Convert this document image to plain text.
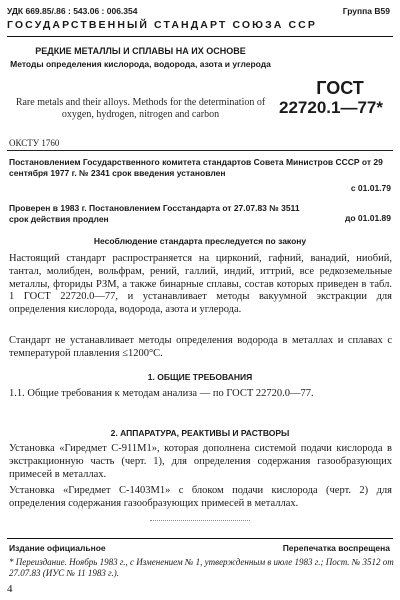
УДК 669.85/.86 : 543.06 : 006.354	Группа В59
ГОСУДАРСТВЕННЫЙ СТАНДАРТ СОЮЗА ССР
РЕДКИЕ МЕТАЛЛЫ И СПЛАВЫ НА ИХ ОСНОВЕ
Методы определения кислорода, водорода, азота и углерода
Rare metals and their alloys. Methods for the determination of oxygen, hydrogen, nitrogen and carbon
ГОСТ
22720.1—77*
ОКСТУ 1760
Постановлением Государственного комитета стандартов Совета Министров СССР от 29 сентября 1977 г. № 2341 срок введения установлен
с 01.01.79
Проверен в 1983 г. Постановлением Госстандарта от 27.07.83 № 3511 срок действия продлен	до 01.01.89
Несоблюдение стандарта преследуется по закону
Настоящий стандарт распространяется на цирконий, гафний, ванадий, ниобий, тантал, молибден, вольфрам, рений, галлий, индий, иттрий, все редкоземельные металлы, фториды РЗМ, а также бинарные сплавы, состав которых приведен в табл. 1 ГОСТ 22720.0—77, и устанавливает методы вакуумной экстракции для определения кислорода, водорода, азота и углерода.
Стандарт не устанавливает методы определения водорода в металлах и сплавах с температурой плавления ≤1200°С.
1. ОБЩИЕ ТРЕБОВАНИЯ
1.1. Общие требования к методам анализа — по ГОСТ 22720.0—77.
2. АППАРАТУРА, РЕАКТИВЫ И РАСТВОРЫ
Установка «Гиредмет С-911М1», которая дополнена системой подачи кислорода в экстракционную часть (черт. 1), для определения содержания газообразующих примесей в металлах.
Установка «Гиредмет С-1403М1» с блоком подачи кислорода (черт. 2) для определения содержания газообразующих примесей в металлах.
Издание официальное	Перепечатка воспрещена
* Переиздание. Ноябрь 1983 г., с Изменением № 1, утвержденным в июле 1983 г.; Пост. № 3512 от 27.07.83 (ИУС № 11 1983 г.).
4
